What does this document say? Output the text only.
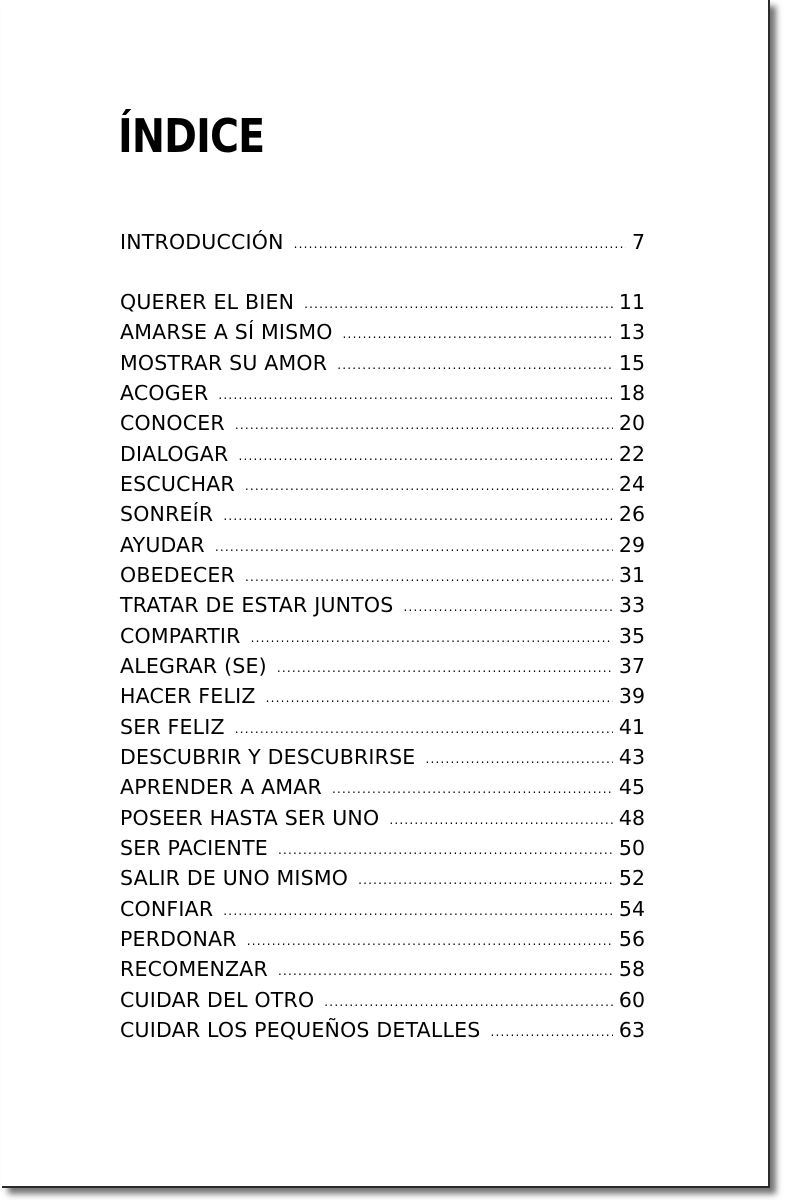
ÍNDICE
INTRODUCCIÓN .....	7
QUERER EL BIEN .....	11
AMARSE A SÍ MISMO .....	13
MOSTRAR SU AMOR .....	15
ACOGER .....	18
CONOCER .....	20
DIALOGAR .....	22
ESCUCHAR .....	24
SONREÍR .....	26
AYUDAR .....	29
OBEDECER .....	31
TRATAR DE ESTAR JUNTOS .....	33
COMPARTIR .....	35
ALEGRAR (SE) .....	37
HACER FELIZ .....	39
SER FELIZ .....	41
DESCUBRIR Y DESCUBRIRSE .....	43
APRENDER A AMAR .....	45
POSEER HASTA SER UNO .....	48
SER PACIENTE .....	50
SALIR DE UNO MISMO .....	52
CONFIAR .....	54
PERDONAR .....	56
RECOMENZAR .....	58
CUIDAR DEL OTRO .....	60
CUIDAR LOS PEQUEÑOS DETALLES .....	63
